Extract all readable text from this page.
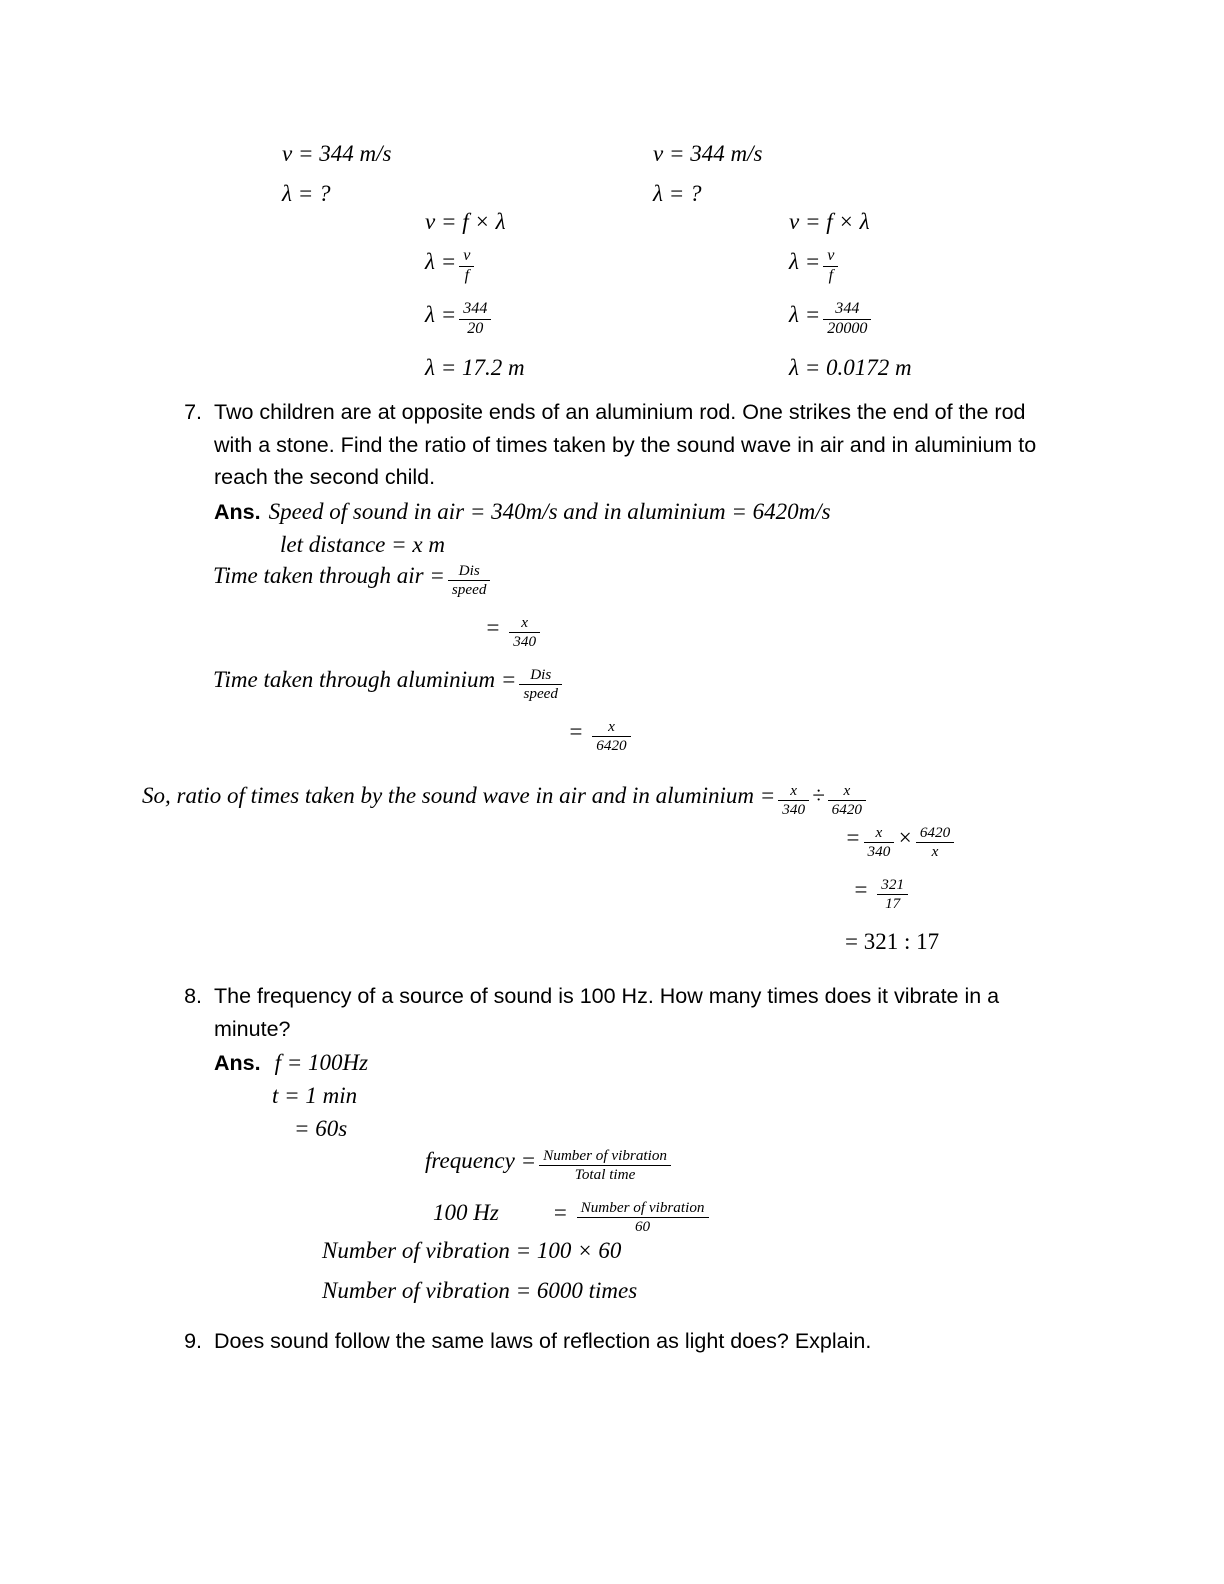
v = 344 m/s
λ = ?
v = 344 m/s
λ = ?
v = f × λ
$\lambda = \frac{v}{f}$
$\lambda = \frac{344}{20}$
λ = 17.2 m
v = f × λ
$\lambda = \frac{v}{f}$
$\lambda = \frac{344}{20000}$
λ = 0.0172 m
7. Two children are at opposite ends of an aluminium rod. One strikes the end of the rod with a stone. Find the ratio of times taken by the sound wave in air and in aluminium to reach the second child.
Ans. Speed of sound in air = 340m/s and in aluminium = 6420m/s
let distance = x m
Time taken through air = $\frac{\text{Dis}}{\text{speed}}$
= $\frac{x}{340}$
Time taken through aluminium = $\frac{\text{Dis}}{\text{speed}}$
= $\frac{x}{6420}$
So, ratio of times taken by the sound wave in air and in aluminium = $\frac{x}{340} \div \frac{x}{6420}$
= $\frac{x}{340} \times \frac{6420}{x}$
= $\frac{321}{17}$
= 321 : 17
8. The frequency of a source of sound is 100 Hz. How many times does it vibrate in a minute?
Ans. f = 100Hz
t = 1 min
= 60s
frequency = $\frac{\text{Number of vibration}}{\text{Total time}}$
100 $Hz = \frac{\text{Number of vibration}}{60}$
Number of vibration = 100 × 60
Number of vibration = 6000 times
9. Does sound follow the same laws of reflection as light does? Explain.
